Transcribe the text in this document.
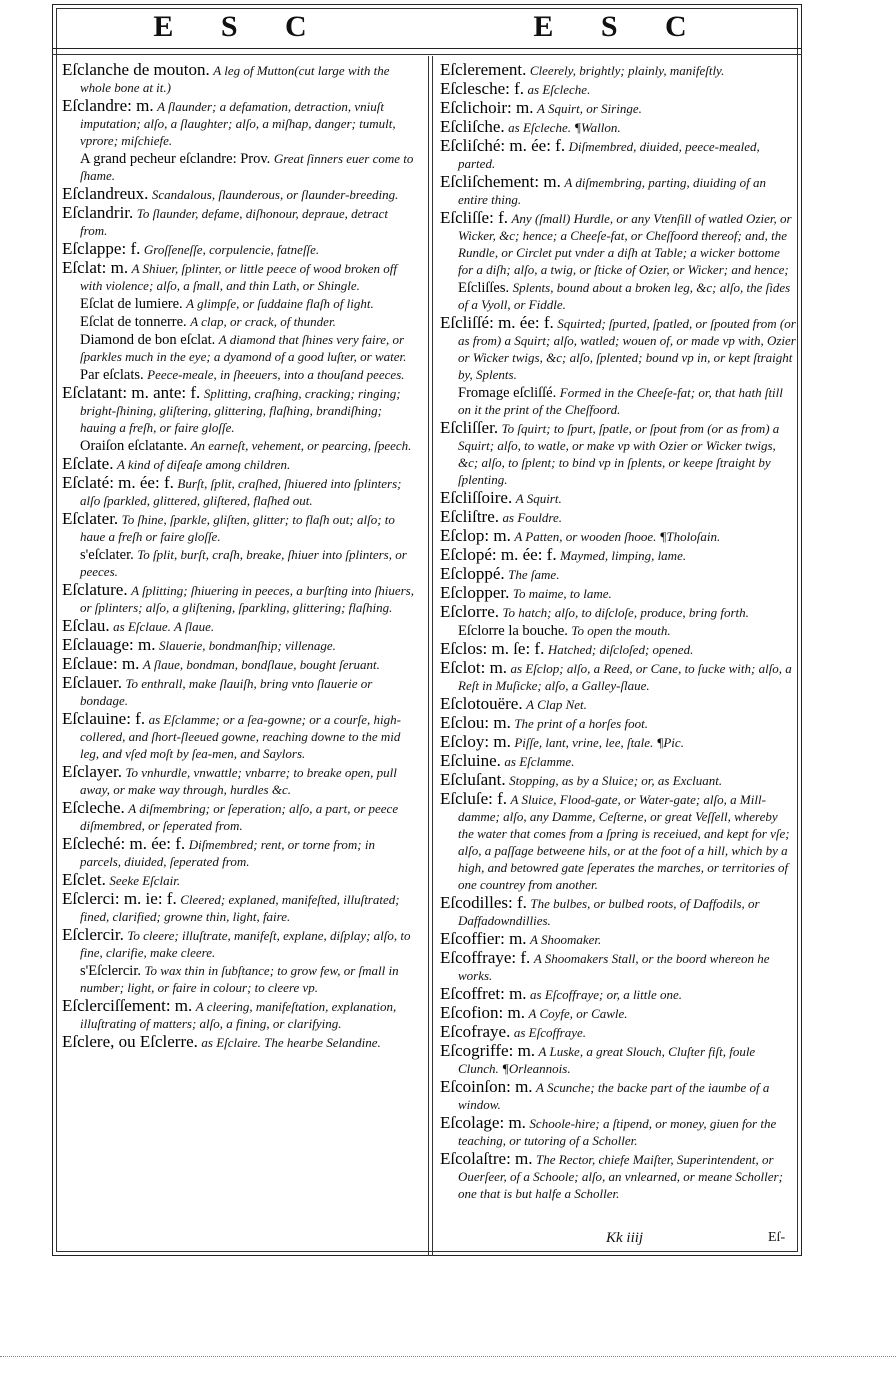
E S C	E S C

Eſclanche de mouton. A leg of Mutton(cut large with the whole bone at it.)

Eſclandre: m. A ſlaunder; a defamation, detraction, vniuſt imputation; alſo, a ſlaughter; alſo, a miſhap, danger; tumult, vprore; miſchiefe.

A grand pecheur eſclandre: Prov. Great ſinners euer come to ſhame.

Eſclandreux. Scandalous, ſlaunderous, or ſlaunder-breeding.

Eſclandrir. To ſlaunder, defame, diſhonour, depraue, detract from.

Eſclappe: f. Groſſeneſſe, corpulencie, fatneſſe.

Eſclat: m. A Shiuer, ſplinter, or little peece of wood broken off with violence; alſo, a ſmall, and thin Lath, or Shingle.

Eſclat de lumiere. A glimpſe, or ſuddaine flaſh of light.

Eſclat de tonnerre. A clap, or crack, of thunder.

Diamond de bon eſclat. A diamond that ſhines very faire, or ſparkles much in the eye; a dyamond of a good luſter, or water.

Par eſclats. Peece-meale, in ſheeuers, into a thouſand peeces.

Eſclatant: m. ante: f. Splitting, craſhing, cracking; ringing; bright-ſhining, gliſtering, glittering, flaſhing, brandiſhing; hauing a freſh, or faire gloſſe.

Oraiſon eſclatante. An earneſt, vehement, or pearcing, ſpeech.

Eſclate. A kind of diſeaſe among children.

Eſclaté: m. ée: f. Burſt, ſplit, craſhed, ſhiuered into ſplinters; alſo ſparkled, glittered, gliſtered, flaſhed out.

Eſclater. To ſhine, ſparkle, gliſten, glitter; to flaſh out; alſo; to haue a freſh or faire gloſſe.

s'eſclater. To ſplit, burſt, craſh, breake, ſhiuer into ſplinters, or peeces.

Eſclature. A ſplitting; ſhiuering in peeces, a burſting into ſhiuers, or ſplinters; alſo, a gliſtening, ſparkling, glittering; flaſhing.

Eſclau. as Eſclaue. A ſlaue.

Eſclauage: m. Slauerie, bondmanſhip; villenage.

Eſclaue: m. A ſlaue, bondman, bondſlaue, bought ſeruant.

Eſclauer. To enthrall, make ſlauiſh, bring vnto ſlauerie or bondage.

Eſclauine: f. as Eſclamme; or a ſea-gowne; or a courſe, high-collered, and ſhort-ſleeued gowne, reaching downe to the mid leg, and vſed moſt by ſea-men, and Saylors.

Eſclayer. To vnhurdle, vnwattle; vnbarre; to breake open, pull away, or make way through, hurdles &c.

Eſcleche. A diſmembring; or ſeperation; alſo, a part, or peece diſmembred, or ſeperated from.

Eſcleché: m. ée: f. Diſmembred; rent, or torne from; in parcels, diuided, ſeperated from.

Eſclet. Seeke Eſclair.

Eſclerci: m. ie: f. Cleered; explaned, manifeſted, illuſtrated; fined, clarified; growne thin, light, faire.

Eſclercir. To cleere; illuſtrate, manifeſt, explane, diſplay; alſo, to fine, clarifie, make cleere.

s'Eſclercir. To wax thin in ſubſtance; to grow few, or ſmall in number; light, or faire in colour; to cleere vp.

Eſclerciſſement: m. A cleering, manifeſtation, explanation, illuſtrating of matters; alſo, a fining, or clarifying.

Eſclere, ou Eſclerre. as Eſclaire. The hearbe Selandine.

Eſclerement. Cleerely, brightly; plainly, manifeſtly.

Eſclesche: f. as Eſcleche.

Eſclichoir: m. A Squirt, or Siringe.

Eſcliſche. as Eſcleche. ¶Wallon.

Eſcliſché: m. ée: f. Diſmembred, diuided, peece-mealed, parted.

Eſcliſchement: m. A diſmembring, parting, diuiding of an entire thing.

Eſcliſſe: f. Any (ſmall) Hurdle, or any Vtenſill of watled Ozier, or Wicker, &c; hence; a Cheeſe-fat, or Cheſfoord thereof; and, the Rundle, or Circlet put vnder a diſh at Table; a wicker bottome for a diſh; alſo, a twig, or ſticke of Ozier, or Wicker; and hence;

Eſcliſſes. Splents, bound about a broken leg, &c; alſo, the ſides of a Vyoll, or Fiddle.

Eſcliſſé: m. ée: f. Squirted; ſpurted, ſpatled, or ſpouted from (or as from) a Squirt; alſo, watled; wouen of, or made vp with, Ozier or Wicker twigs, &c; alſo, ſplented; bound vp in, or kept ſtraight by, Splents.

Fromage eſcliſſé. Formed in the Cheeſe-fat; or, that hath ſtill on it the print of the Cheſfoord.

Eſcliſſer. To ſquirt; to ſpurt, ſpatle, or ſpout from (or as from) a Squirt; alſo, to watle, or make vp with Ozier or Wicker twigs, &c; alſo, to ſplent; to bind vp in ſplents, or keepe ſtraight by ſplenting.

Eſcliſſoire. A Squirt.

Eſcliſtre. as Fouldre.

Eſclop: m. A Patten, or wooden ſhooe. ¶Tholoſain.

Eſclopé: m. ée: f. Maymed, limping, lame.

Eſcloppé. The ſame.

Eſclopper. To maime, to lame.

Eſclorre. To hatch; alſo, to diſcloſe, produce, bring forth.

Eſclorre la bouche. To open the mouth.

Eſclos: m. ſe: f. Hatched; diſcloſed; opened.

Eſclot: m. as Eſclop; alſo, a Reed, or Cane, to ſucke with; alſo, a Reſt in Muſicke; alſo, a Galley-ſlaue.

Eſclotouëre. A Clap Net.

Eſclou: m. The print of a horſes foot.

Eſcloy: m. Piſſe, lant, vrine, lee, ſtale. ¶Pic.

Eſcluine. as Eſclamme.

Eſcluſant. Stopping, as by a Sluice; or, as Excluant.

Eſcluſe: f. A Sluice, Flood-gate, or Water-gate; alſo, a Mill-damme; alſo, any Damme, Ceſterne, or great Veſſell, whereby the water that comes from a ſpring is receiued, and kept for vſe; alſo, a paſſage betweene hils, or at the foot of a hill, which by a high, and betowred gate ſeperates the marches, or territories of one countrey from another.

Eſcodilles: f. The bulbes, or bulbed roots, of Daffodils, or Daffadowndillies.

Eſcoffier: m. A Shoomaker.

Eſcoffraye: f. A Shoomakers Stall, or the boord whereon he works.

Eſcoffret: m. as Eſcoffraye; or, a little one.

Eſcofion: m. A Coyfe, or Cawle.

Eſcofraye. as Eſcoffraye.

Eſcogriffe: m. A Luske, a great Slouch, Cluſter fiſt, foule Clunch. ¶Orleannois.

Eſcoinſon: m. A Scunche; the backe part of the iaumbe of a window.

Eſcolage: m. Schoole-hire; a ſtipend, or money, giuen for the teaching, or tutoring of a Scholler.

Eſcolaſtre: m. The Rector, chiefe Maiſter, Superintendent, or Ouerſeer, of a Schoole; alſo, an vnlearned, or meane Scholler; one that is but halfe a Scholler.

Kk iiij	Eſ-
